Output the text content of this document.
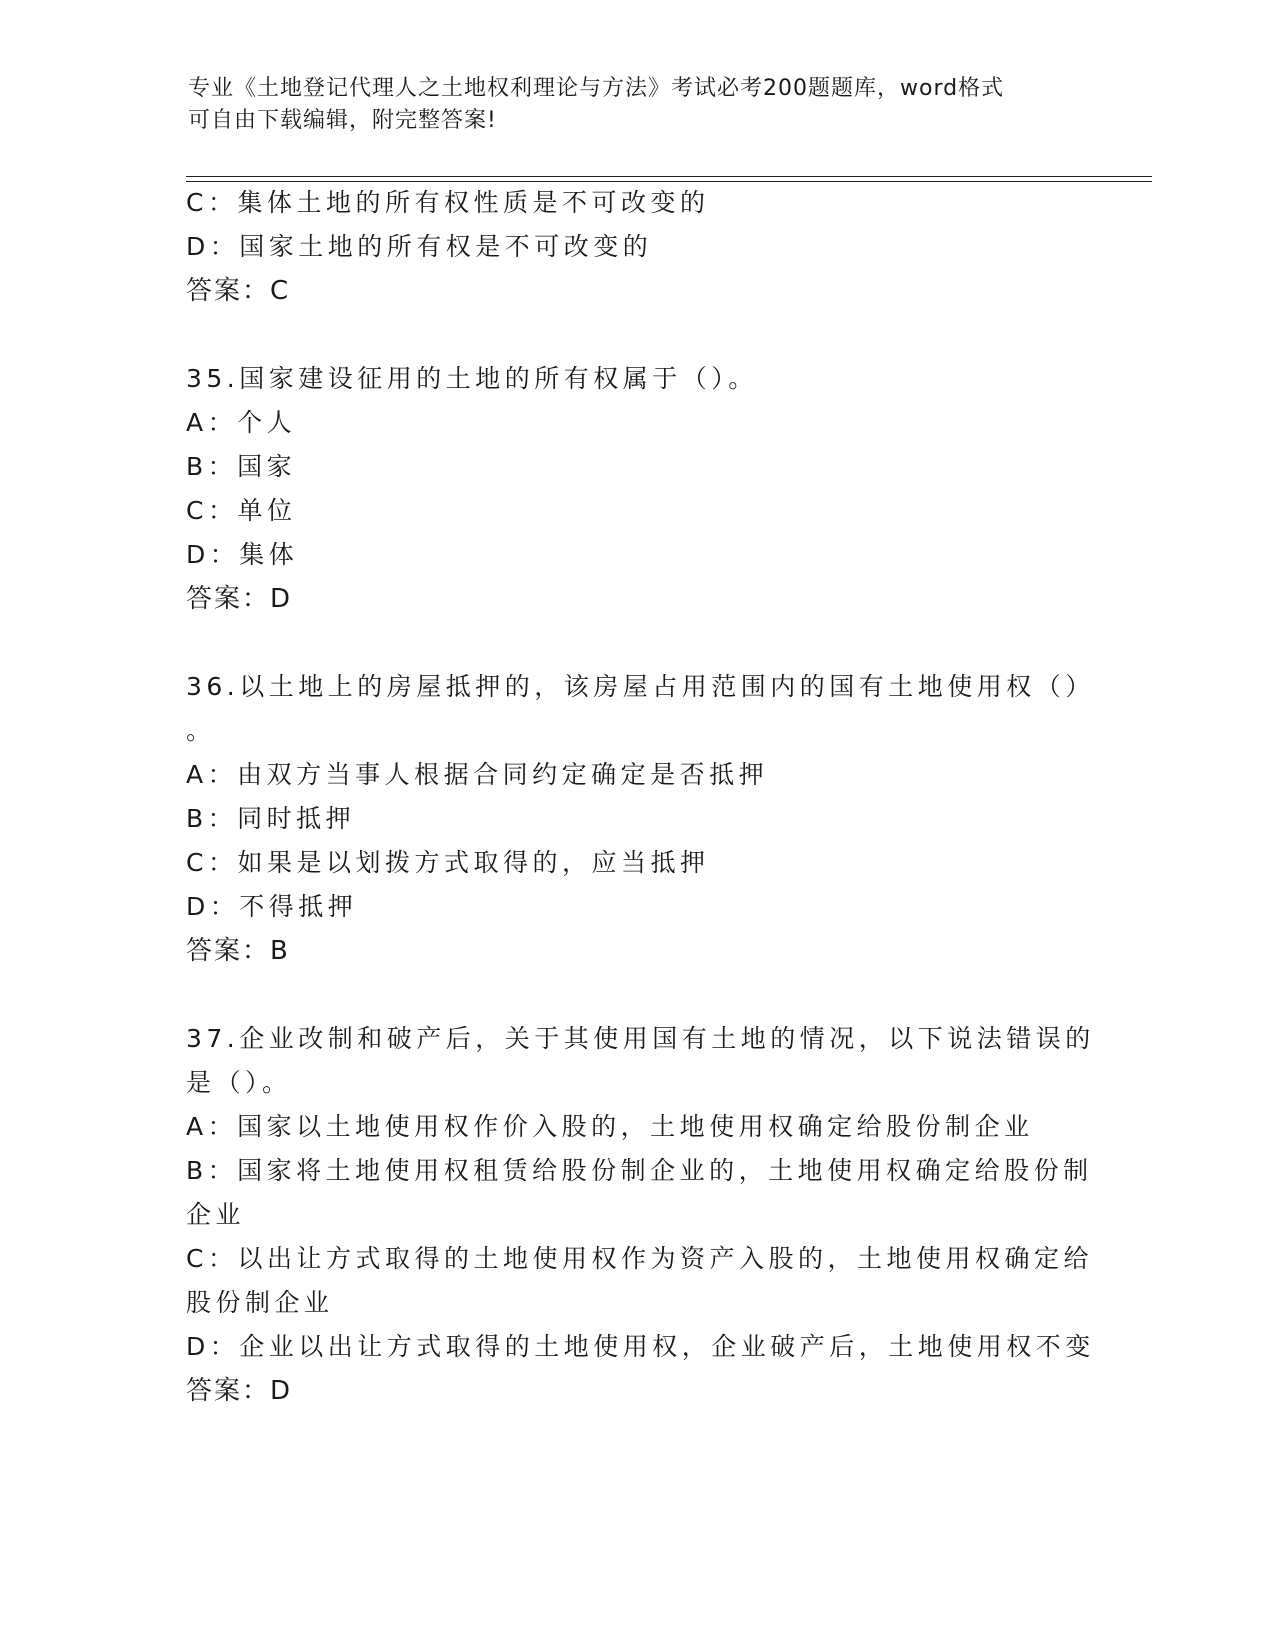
专业《土地登记代理人之土地权利理论与方法》考试必考200题题库，word格式
可自由下载编辑，附完整答案!
C：集体土地的所有权性质是不可改变的
D：国家土地的所有权是不可改变的
答案：C
35.国家建设征用的土地的所有权属于（）。
A：个人
B：国家
C：单位
D：集体
答案：D
36.以土地上的房屋抵押的，该房屋占用范围内的国有土地使用权（）
。
A：由双方当事人根据合同约定确定是否抵押
B：同时抵押
C：如果是以划拨方式取得的，应当抵押
D：不得抵押
答案：B
37.企业改制和破产后，关于其使用国有土地的情况，以下说法错误的
是（）。
A：国家以土地使用权作价入股的，土地使用权确定给股份制企业
B：国家将土地使用权租赁给股份制企业的，土地使用权确定给股份制
企业
C：以出让方式取得的土地使用权作为资产入股的，土地使用权确定给
股份制企业
D：企业以出让方式取得的土地使用权，企业破产后，土地使用权不变
答案：D
